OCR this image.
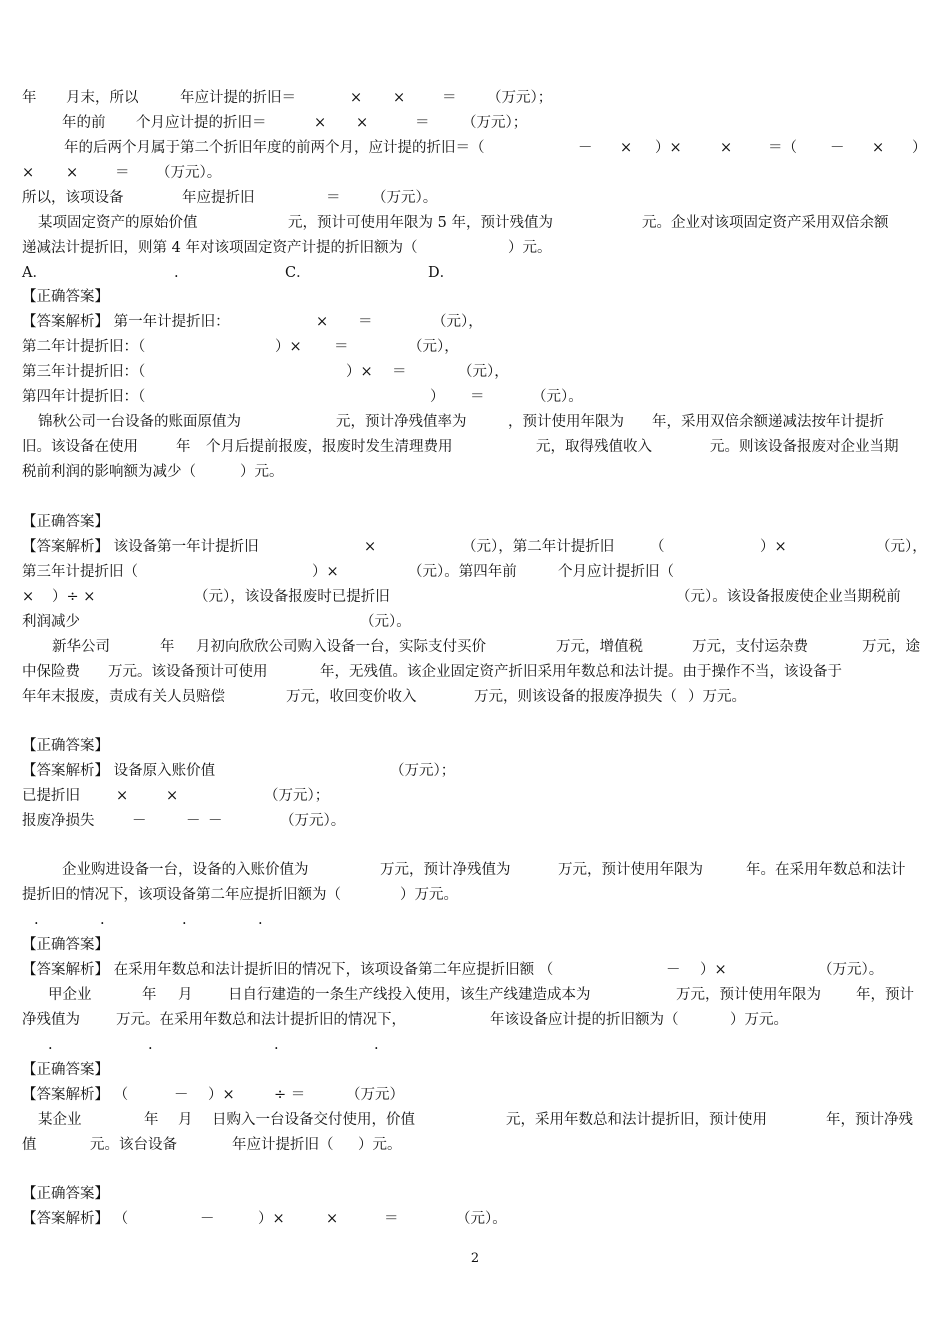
年 月末，所以	年应计提的折旧＝	× ×	＝ （万元）；
年的前 个月应计提的折旧＝	× ×	＝ （万元）；
年的后两个月属于第二个折旧年度的前两个月，应计提的折旧＝（	－ × ）×	× ＝（ － × ）
× ×	＝ （万元）。
所以，该项设备	年应提折旧	＝ （万元）。
某项固定资产的原始价值	元，预计可使用年限为 5 年，预计残值为	元。企业对该项固定资产采用双倍余额
递减法计提折旧，则第 4 年对该项固定资产计提的折旧额为（	）元。
A．	.	C．	D．
【正确答案】
【答案解析】 第一年计提折旧：	× ＝	（元），
第二年计提折旧：（	）× ＝	（元），
第三年计提折旧：（	）× ＝	（元），
第四年计提折旧：（	） ＝	（元）。
锦秋公司一台设备的账面原值为	元，预计净残值率为	，预计使用年限为 年，采用双倍余额递减法按年计提折
旧。该设备在使用	年 个月后提前报废，报废时发生清理费用	元，取得残值收入	元。则该设备报废对企业当期
税前利润的影响额为减少（	）元。
【正确答案】
【答案解析】 该设备第一年计提折旧	×	（元），第二年计提折旧 （	）×	（元），
第三年计提折旧（	）×	（元）。第四年前	个月应计提折旧（
× ）÷ ×	（元），该设备报废时已提折旧	（元）。该设备报废使企业当期税前
利润减少	（元）。
新华公司	年 月初向欣欣公司购入设备一台，实际支付买价	万元，增值税	万元，支付运杂费	万元，途
中保险费 万元。该设备预计可使用	年，无残值。该企业固定资产折旧采用年数总和法计提。由于操作不当，该设备于
年年末报废，责成有关人员赔偿	万元，收回变价收入	万元，则该设备的报废净损失（ ）万元。
【正确答案】
【答案解析】 设备原入账价值	（万元）；
已提折旧 ×	×	（万元）；
报废净损失	－	－ －	（万元）。
企业购进设备一台，设备的入账价值为	万元，预计净残值为	万元，预计使用年限为	年。在采用年数总和法计
提折旧的情况下，该项设备第二年应提折旧额为（	）万元。
.	.	.	.
【正确答案】
【答案解析】 在采用年数总和法计提折旧的情况下，该项设备第二年应提折旧额 （	－ ）×	（万元）。
甲企业	年 月 日自行建造的一条生产线投入使用，该生产线建造成本为	万元，预计使用年限为 年，预计
净残值为 万元。在采用年数总和法计提折旧的情况下，	年该设备应计提的折旧额为（	）万元。
.	.	.	.
【正确答案】
【答案解析】 （	－ ）×	÷ ＝	（万元）
某企业	年 月 日购入一台设备交付使用，价值	元，采用年数总和法计提折旧，预计使用	年，预计净残
值	元。该台设备	年应计提折旧（ ）元。
【正确答案】
【答案解析】 （	－	）×	×	＝	（元）。
2
